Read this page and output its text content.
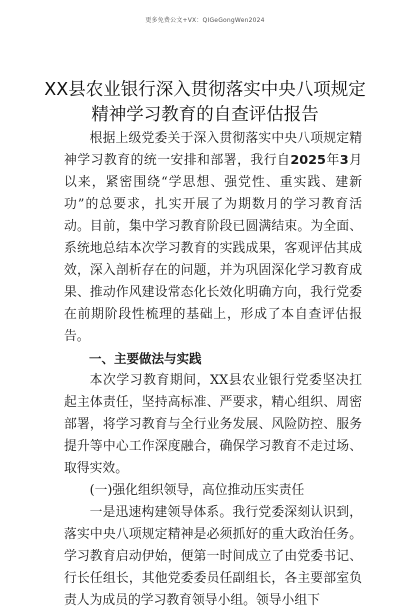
更多免费公文+VX：QIGeGongWen2024
XX县农业银行深入贯彻落实中央八项规定精神学习教育的自查评估报告

根据上级党委关于深入贯彻落实中央八项规定精神学习教育的统一安排和部署，我行自2025年3月以来，紧密围绕“学思想、强党性、重实践、建新功”的总要求，扎实开展了为期数月的学习教育活动。目前，集中学习教育阶段已圆满结束。为全面、系统地总结本次学习教育的实践成果，客观评估其成效，深入剖析存在的问题，并为巩固深化学习教育成果、推动作风建设常态化长效化明确方向，我行党委在前期阶段性梳理的基础上，形成了本自查评估报告。

一、主要做法与实践

本次学习教育期间，XX县农业银行党委坚决扛起主体责任，坚持高标准、严要求，精心组织、周密部署，将学习教育与全行业务发展、风险防控、服务提升等中心工作深度融合，确保学习教育不走过场、取得实效。

(一)强化组织领导，高位推动压实责任

一是迅速构建领导体系。我行党委深刻认识到，落实中央八项规定精神是必须抓好的重大政治任务。学习教育启动伊始，便第一时间成立了由党委书记、行长任组长，其他党委委员任副组长，各主要部室负责人为成员的学习教育领导小组。领导小组下
